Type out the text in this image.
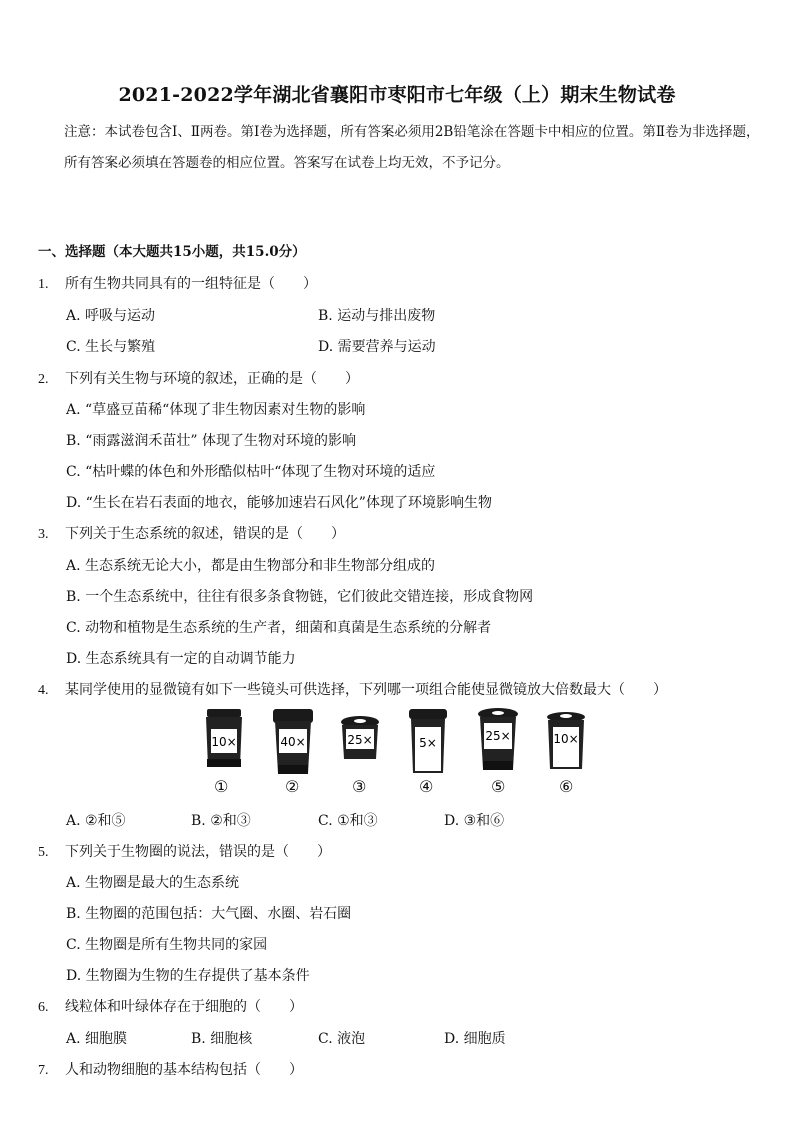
2021-2022学年湖北省襄阳市枣阳市七年级（上）期末生物试卷
注意：本试卷包含Ⅰ、Ⅱ两卷。第Ⅰ卷为选择题，所有答案必须用2B铅笔涂在答题卡中相应的位置。第Ⅱ卷为非选择题，所有答案必须填在答题卷的相应位置。答案写在试卷上均无效，不予记分。
一、选择题（本大题共15小题，共15.0分）
1. 所有生物共同具有的一组特征是（　　）
A. 呼吸与运动	B. 运动与排出废物
C. 生长与繁殖	D. 需要营养与运动
2. 下列有关生物与环境的叙述，正确的是（　　）
A. “草盛豆苗稀“体现了非生物因素对生物的影响
B. “雨露滋润禾苗壮” 体现了生物对环境的影响
C. “枯叶蝶的体色和外形酷似枯叶“体现了生物对环境的适应
D. “生长在岩石表面的地衣，能够加速岩石风化”体现了环境影响生物
3. 下列关于生态系统的叙述，错误的是（　　）
A. 生态系统无论大小，都是由生物部分和非生物部分组成的
B. 一个生态系统中，往往有很多条食物链，它们彼此交错连接，形成食物网
C. 动物和植物是生态系统的生产者，细菌和真菌是生态系统的分解者
D. 生态系统具有一定的自动调节能力
4. 某同学使用的显微镜有如下一些镜头可供选择，下列哪一项组合能使显微镜放大倍数最大（　　）
10×
①
40×
②
25×
③
5×
④
25×
⑤
10×
⑥
A. ②和⑤	B. ②和③	C. ①和③	D. ③和⑥
5. 下列关于生物圈的说法，错误的是（　　）
A. 生物圈是最大的生态系统
B. 生物圈的范围包括：大气圈、水圈、岩石圈
C. 生物圈是所有生物共同的家园
D. 生物圈为生物的生存提供了基本条件
6. 线粒体和叶绿体存在于细胞的（　　）
A. 细胞膜	B. 细胞核	C. 液泡	D. 细胞质
7. 人和动物细胞的基本结构包括（　　）
